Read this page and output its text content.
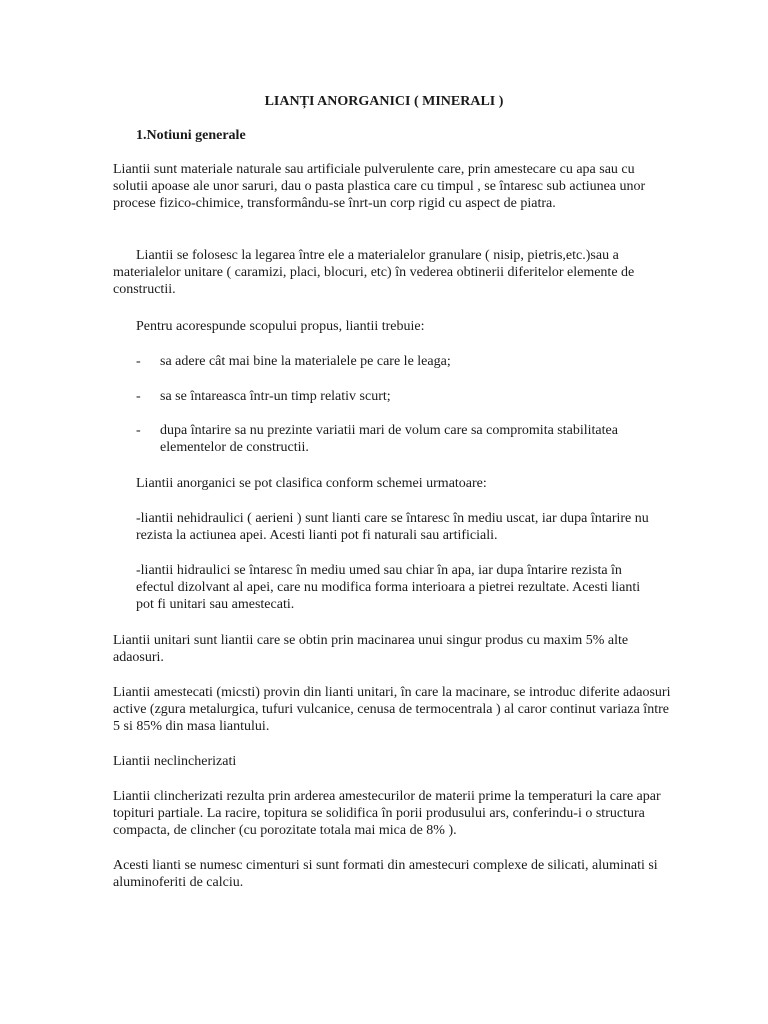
LIANȚI ANORGANICI ( MINERALI )
1.Notiuni generale

Liantii sunt materiale naturale sau artificiale pulverulente care, prin amestecare cu apa sau cu solutii apoase ale unor saruri, dau o pasta plastica care cu timpul , se întaresc sub actiunea unor procese fizico-chimice, transformându-se înrt-un corp rigid cu aspect de piatra.

Liantii se folosesc la legarea între ele a materialelor granulare ( nisip, pietris,etc.)sau a materialelor unitare ( caramizi, placi, blocuri, etc) în vederea obtinerii diferitelor elemente de constructii.

Pentru acorespunde scopului propus, liantii trebuie:

-	sa adere cât mai bine la materialele pe care le leaga;
-	sa se întareasca într-un timp relativ scurt;
-	dupa întarire sa nu prezinte variatii mari de volum care sa compromita stabilitatea elementelor de constructii.

Liantii anorganici se pot clasifica conform schemei urmatoare:

-liantii nehidraulici ( aerieni ) sunt lianti care se întaresc în mediu uscat, iar dupa întarire nu rezista la actiunea apei. Acesti lianti pot fi naturali sau artificiali.

-liantii hidraulici se întaresc în mediu umed sau chiar în apa, iar dupa întarire rezista în efectul dizolvant al apei, care nu modifica forma interioara a pietrei rezultate. Acesti lianti pot fi unitari sau amestecati.

Liantii unitari sunt liantii care se obtin prin macinarea unui singur produs cu maxim 5% alte adaosuri.

Liantii amestecati (micsti) provin din lianti unitari, în care la macinare, se introduc diferite adaosuri active (zgura metalurgica, tufuri vulcanice, cenusa de termocentrala ) al caror continut variaza între 5 si 85% din masa liantului.

Liantii neclincherizati

Liantii clincherizati rezulta prin arderea amestecurilor de materii prime la temperaturi la care apar topituri partiale. La racire, topitura se solidifica în porii produsului ars, conferindu-i o structura compacta, de clincher (cu porozitate totala mai mica de 8% ).

Acesti lianti se numesc cimenturi si sunt formati din amestecuri complexe de silicati, aluminati si aluminoferiti de calciu.
